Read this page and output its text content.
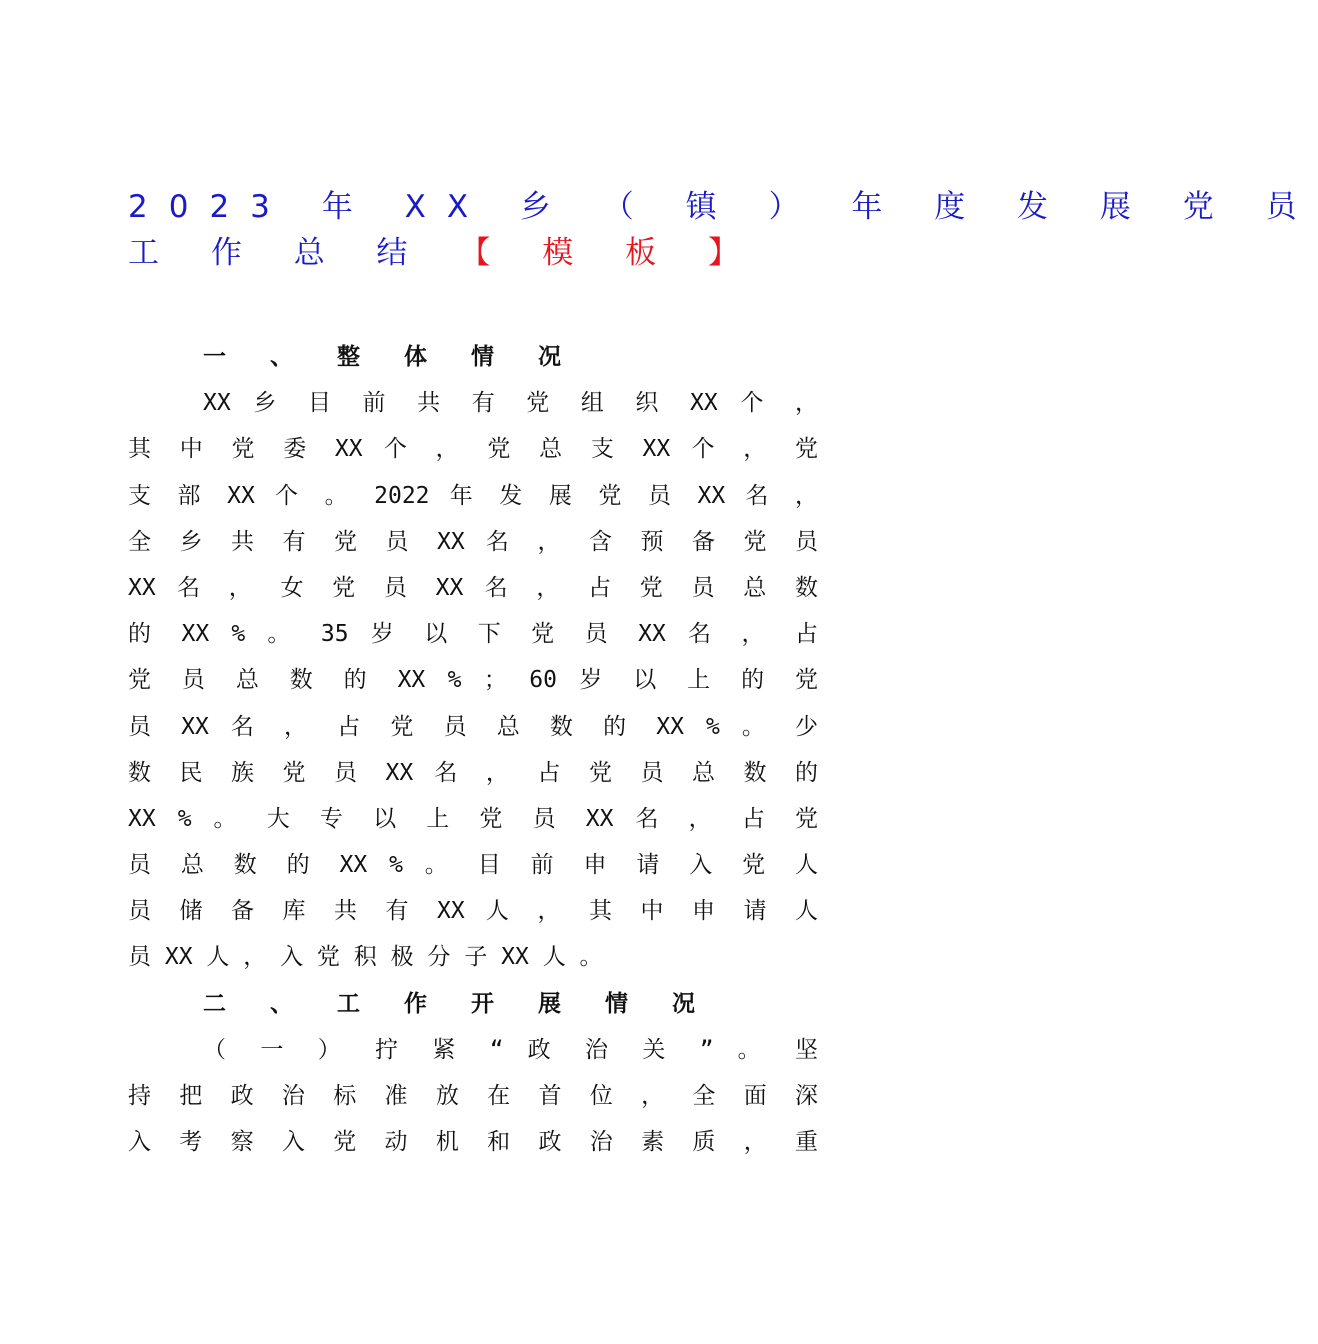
2023 年 XX 乡 （ 镇 ） 年 度 发 展 党 员
工 作 总 结 【 模 板 】
一 、 整 体 情 况
XX 乡 目 前 共 有 党 组 织 XX 个 ，
其 中 党 委 XX 个 ， 党 总 支 XX 个 ， 党
支 部 XX 个 。 2022 年 发 展 党 员 XX 名 ，
全 乡 共 有 党 员 XX 名 ， 含 预 备 党 员
XX 名 ， 女 党 员 XX 名 ， 占 党 员 总 数
的 XX % 。 35 岁 以 下 党 员 XX 名 ， 占
党 员 总 数 的 XX % ； 60 岁 以 上 的 党
员 XX 名 ， 占 党 员 总 数 的 XX % 。 少
数 民 族 党 员 XX 名 ， 占 党 员 总 数 的
XX % 。 大 专 以 上 党 员 XX 名 ， 占 党
员 总 数 的 XX % 。 目 前 申 请 入 党 人
员 储 备 库 共 有 XX 人 ， 其 中 申 请 人
员 XX 人 ， 入 党 积 极 分 子 XX 人 。
二 、 工 作 开 展 情 况
（ 一 ） 拧 紧 “ 政 治 关 ” 。 坚
持 把 政 治 标 准 放 在 首 位 ， 全 面 深
入 考 察 入 党 动 机 和 政 治 素 质 ， 重
